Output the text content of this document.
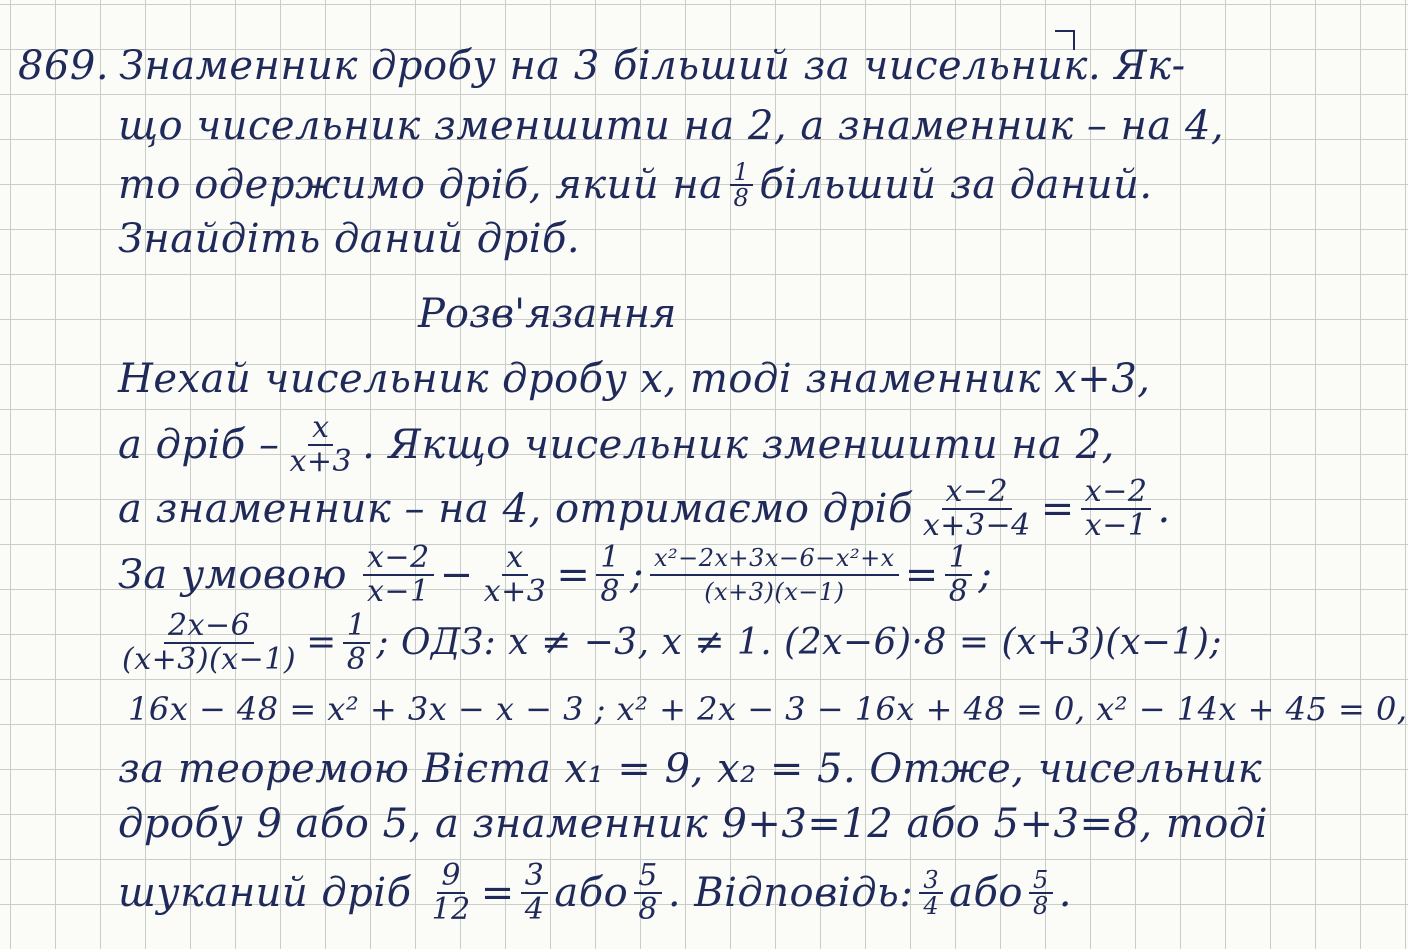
869. Знаменник дробу на 3 більший за чисельник. Як-
що чисельник зменшити на 2, а знаменник – на 4,
то одержимо дріб, який на $\frac{1}{8}$ більший за даний.
Знайдіть даний дріб.
Розв'язання
Нехай чисельник дробу x, тоді знаменник x+3,
а дріб – $\frac{x}{x+3}$ . Якщо чисельник зменшити на 2,
а знаменник – на 4, отримаємо дріб $\frac{x-2}{x+3-4} = \frac{x-2}{x-1}$ .
За умовою $\frac{x-2}{x-1} - \frac{x}{x+3} = \frac{1}{8}$ ; $\frac{\text{x²−2x+3x−6−x²+x}}{(x+3)(x-1)} = \frac{1}{8}$ ;
$\frac{2x-6}{(x+3)(x-1)} = \frac{1}{8}$ ; ОДЗ: x ≠ −3, x ≠ 1. (2x−6)·8 = (x+3)(x−1);
16x − 48 = x² + 3x − x − 3 ; x² + 2x − 3 − 16x + 48 = 0, x² − 14x + 45 = 0,
за теоремою Вієта x₁ = 9, x₂ = 5. Отже, чисельник
дробу 9 або 5, а знаменник 9+3=12 або 5+3=8, тоді
шуканий дріб $\frac{9}{12} = \frac{3}{4}$ або $\frac{5}{8}$ . Відповідь: $\frac{3}{4}$ або $\frac{5}{8}$ .
